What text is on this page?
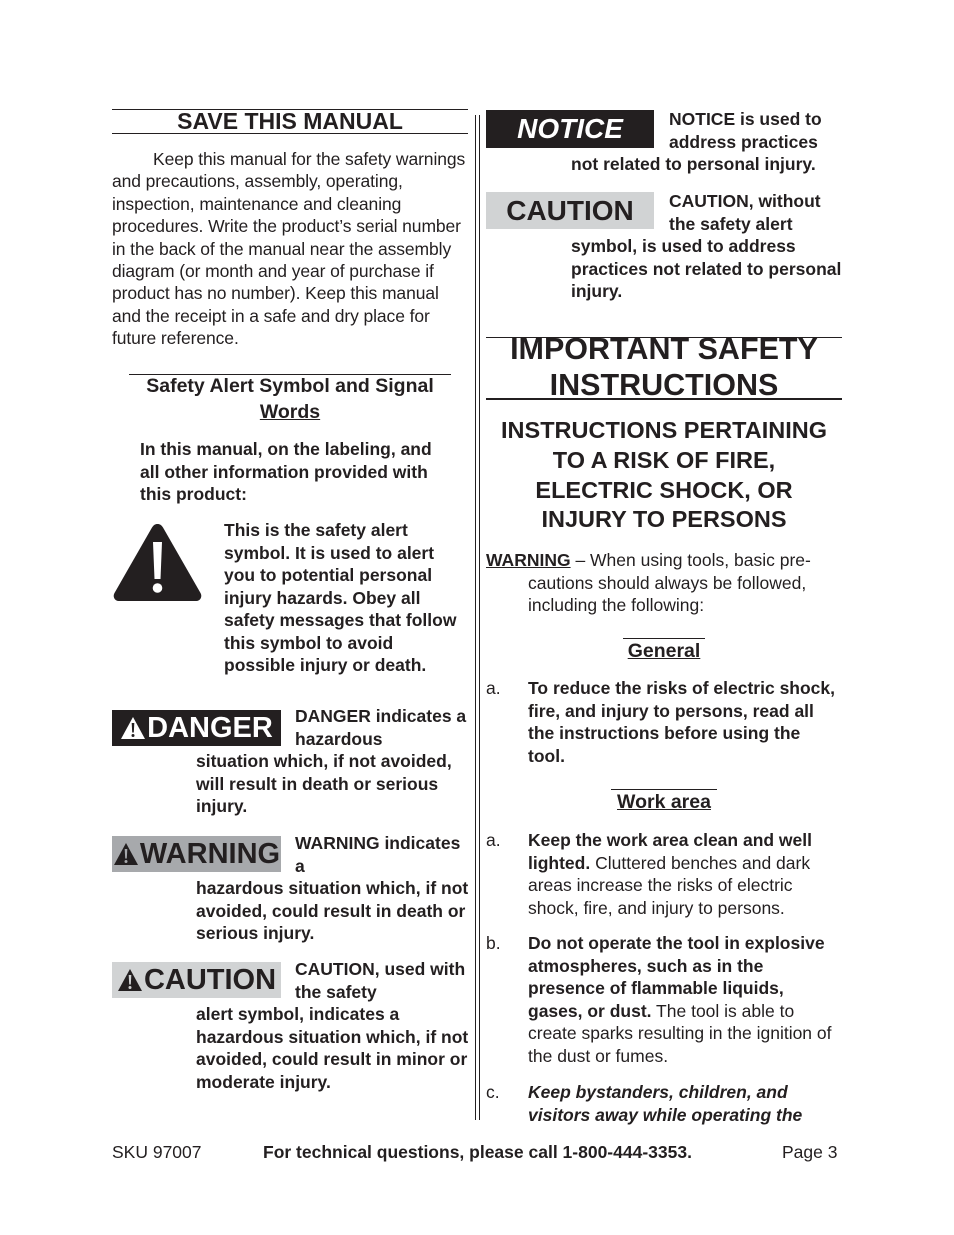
SAVE THIS MANUAL
Keep this manual for the safety warnings and precautions, assembly, operating, inspection, maintenance and cleaning procedures. Write the product’s serial number in the back of the manual near the assembly diagram (or month and year of purchase if product has no number). Keep this manual and the receipt in a safe and dry place for future reference.
Safety Alert Symbol and Signal
Words
In this manual, on the labeling, and all other information provided with this product:
This is the safety alert symbol. It is used to alert you to potential personal injury hazards. Obey all safety messages that follow this symbol to avoid possible injury or death.
DANGER DANGER indicates a hazardous
situation which, if not avoided, will result in death or serious injury.
WARNING WARNING indicates a
hazardous situation which, if not avoided, could result in death or serious injury.
CAUTION CAUTION, used with the safety
alert symbol, indicates a hazardous situation which, if not avoided, could result in minor or moderate injury.
NOTICE	NOTICE is used to address practices
not related to personal injury.
CAUTION	CAUTION, without the safety alert
symbol, is used to address practices not related to personal injury.
IMPORTANT SAFETY
INSTRUCTIONS
INSTRUCTIONS PERTAINING
TO A RISK OF FIRE,
ELECTRIC SHOCK, OR
INJURY TO PERSONS
WARNING – When using tools, basic pre-
cautions should always be followed, including the following:
General
a. To reduce the risks of electric shock, fire, and injury to persons, read all the instructions before using the tool.
Work area
a. Keep the work area clean and well lighted. Cluttered benches and dark areas increase the risks of electric shock, fire, and injury to persons.
b. Do not operate the tool in explosive atmospheres, such as in the presence of flammable liquids, gases, or dust. The tool is able to create sparks resulting in the ignition of the dust or fumes.
c. Keep bystanders, children, and visitors away while operating the
SKU 97007	For technical questions, please call 1-800-444-3353.	Page 3
